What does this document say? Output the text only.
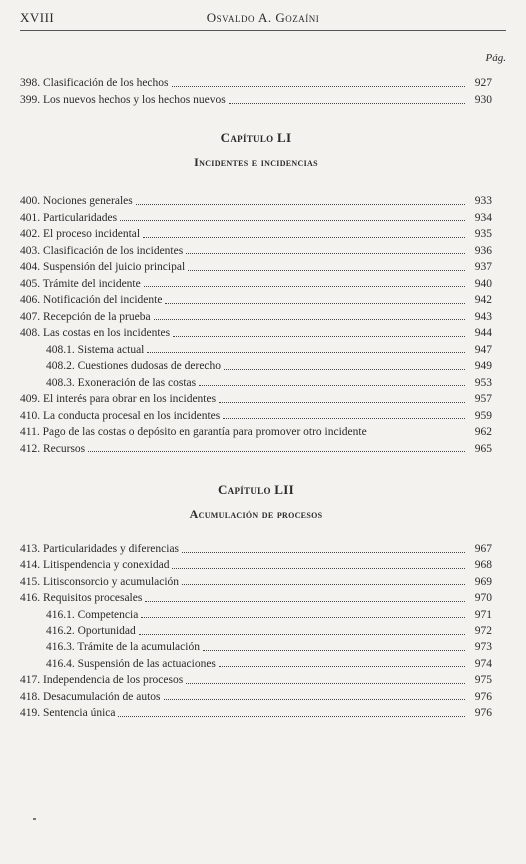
XVIII	Osvaldo A. Gozaíni
Pág.
398. Clasificación de los hechos	927
399. Los nuevos hechos y los hechos nuevos	930
Capítulo LI
Incidentes e incidencias
400. Nociones generales	933
401. Particularidades	934
402. El proceso incidental	935
403. Clasificación de los incidentes	936
404. Suspensión del juicio principal	937
405. Trámite del incidente	940
406. Notificación del incidente	942
407. Recepción de la prueba	943
408. Las costas en los incidentes	944
408.1. Sistema actual	947
408.2. Cuestiones dudosas de derecho	949
408.3. Exoneración de las costas	953
409. El interés para obrar en los incidentes	957
410. La conducta procesal en los incidentes	959
411. Pago de las costas o depósito en garantía para promover otro incidente	962
412. Recursos	965
Capítulo LII
Acumulación de procesos
413. Particularidades y diferencias	967
414. Litispendencia y conexidad	968
415. Litisconsorcio y acumulación	969
416. Requisitos procesales	970
416.1. Competencia	971
416.2. Oportunidad	972
416.3. Trámite de la acumulación	973
416.4. Suspensión de las actuaciones	974
417. Independencia de los procesos	975
418. Desacumulación de autos	976
419. Sentencia única	976
